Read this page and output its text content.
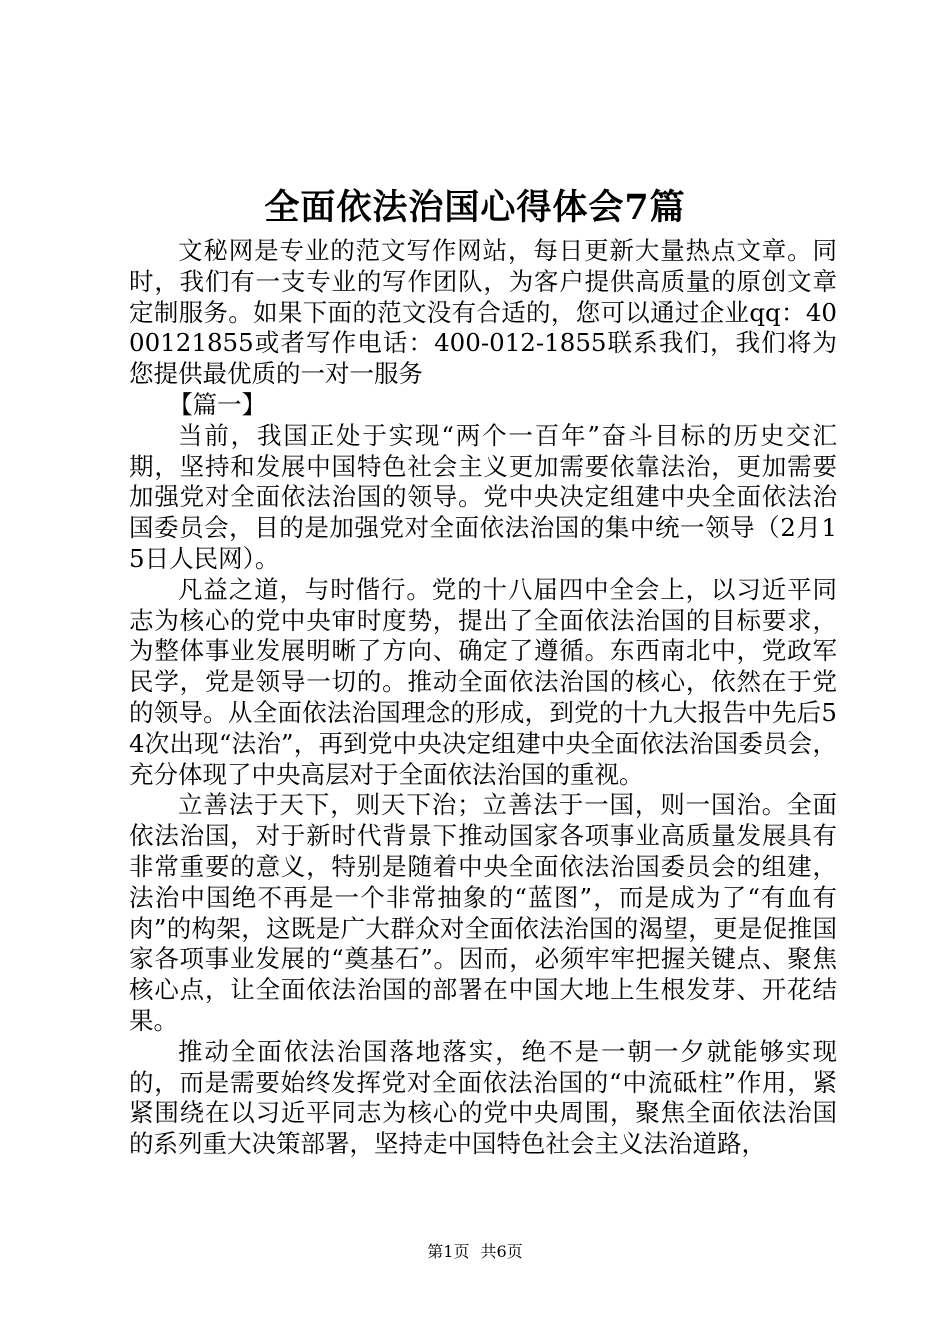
全面依法治国心得体会7篇

文秘网是专业的范文写作网站，每日更新大量热点文章。同时，我们有一支专业的写作团队，为客户提供高质量的原创文章定制服务。如果下面的范文没有合适的，您可以通过企业qq：4000121855或者写作电话：400-012-1855联系我们，我们将为您提供最优质的一对一服务

【篇一】

当前，我国正处于实现“两个一百年”奋斗目标的历史交汇期，坚持和发展中国特色社会主义更加需要依靠法治，更加需要加强党对全面依法治国的领导。党中央决定组建中央全面依法治国委员会，目的是加强党对全面依法治国的集中统一领导（2月15日人民网）。

凡益之道，与时偕行。党的十八届四中全会上，以习近平同志为核心的党中央审时度势，提出了全面依法治国的目标要求，为整体事业发展明晰了方向、确定了遵循。东西南北中，党政军民学，党是领导一切的。推动全面依法治国的核心，依然在于党的领导。从全面依法治国理念的形成，到党的十九大报告中先后54次出现“法治”，再到党中央决定组建中央全面依法治国委员会，充分体现了中央高层对于全面依法治国的重视。

立善法于天下，则天下治；立善法于一国，则一国治。全面依法治国，对于新时代背景下推动国家各项事业高质量发展具有非常重要的意义，特别是随着中央全面依法治国委员会的组建，法治中国绝不再是一个非常抽象的“蓝图”，而是成为了“有血有肉”的构架，这既是广大群众对全面依法治国的渴望，更是促推国家各项事业发展的“奠基石”。因而，必须牢牢把握关键点、聚焦核心点，让全面依法治国的部署在中国大地上生根发芽、开花结果。

推动全面依法治国落地落实，绝不是一朝一夕就能够实现的，而是需要始终发挥党对全面依法治国的“中流砥柱”作用，紧紧围绕在以习近平同志为核心的党中央周围，聚焦全面依法治国的系列重大决策部署，坚持走中国特色社会主义法治道路，

第1页 共6页
